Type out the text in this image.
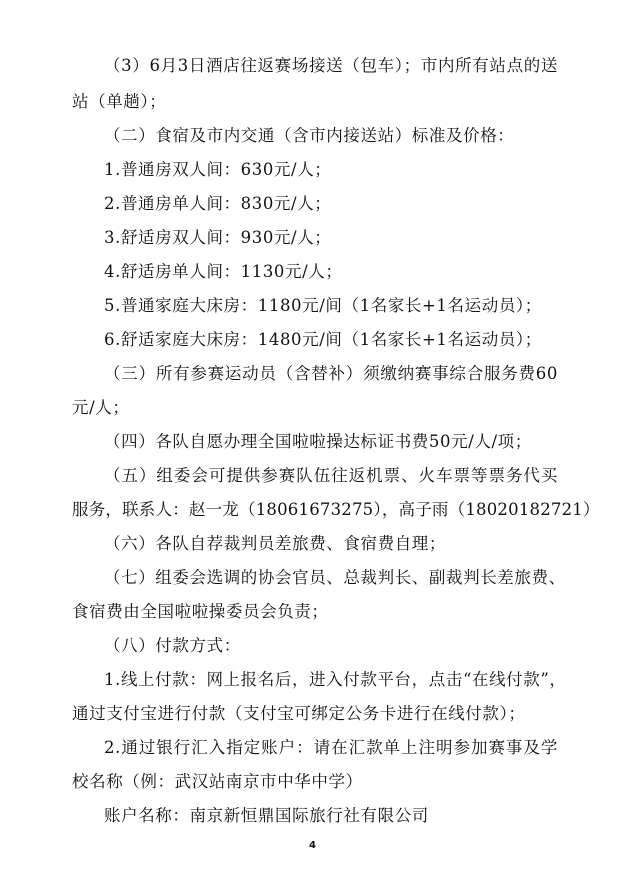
（3）6月3日酒店往返赛场接送（包车）；市内所有站点的送
站（单趟）；
（二）食宿及市内交通（含市内接送站）标准及价格：
1.普通房双人间：630元/人；
2.普通房单人间：830元/人；
3.舒适房双人间：930元/人；
4.舒适房单人间：1130元/人；
5.普通家庭大床房：1180元/间（1名家长+1名运动员）；
6.舒适家庭大床房：1480元/间（1名家长+1名运动员）；
（三）所有参赛运动员（含替补）须缴纳赛事综合服务费60
元/人；
（四）各队自愿办理全国啦啦操达标证书费50元/人/项；
（五）组委会可提供参赛队伍往返机票、火车票等票务代买
服务，联系人：赵一龙（18061673275），高子雨（18020182721）
（六）各队自荐裁判员差旅费、食宿费自理；
（七）组委会选调的协会官员、总裁判长、副裁判长差旅费、
食宿费由全国啦啦操委员会负责；
（八）付款方式：
1.线上付款：网上报名后，进入付款平台，点击“在线付款”，
通过支付宝进行付款（支付宝可绑定公务卡进行在线付款）；
2.通过银行汇入指定账户：请在汇款单上注明参加赛事及学
校名称（例：武汉站南京市中华中学）
账户名称：南京新恒鼎国际旅行社有限公司
4
